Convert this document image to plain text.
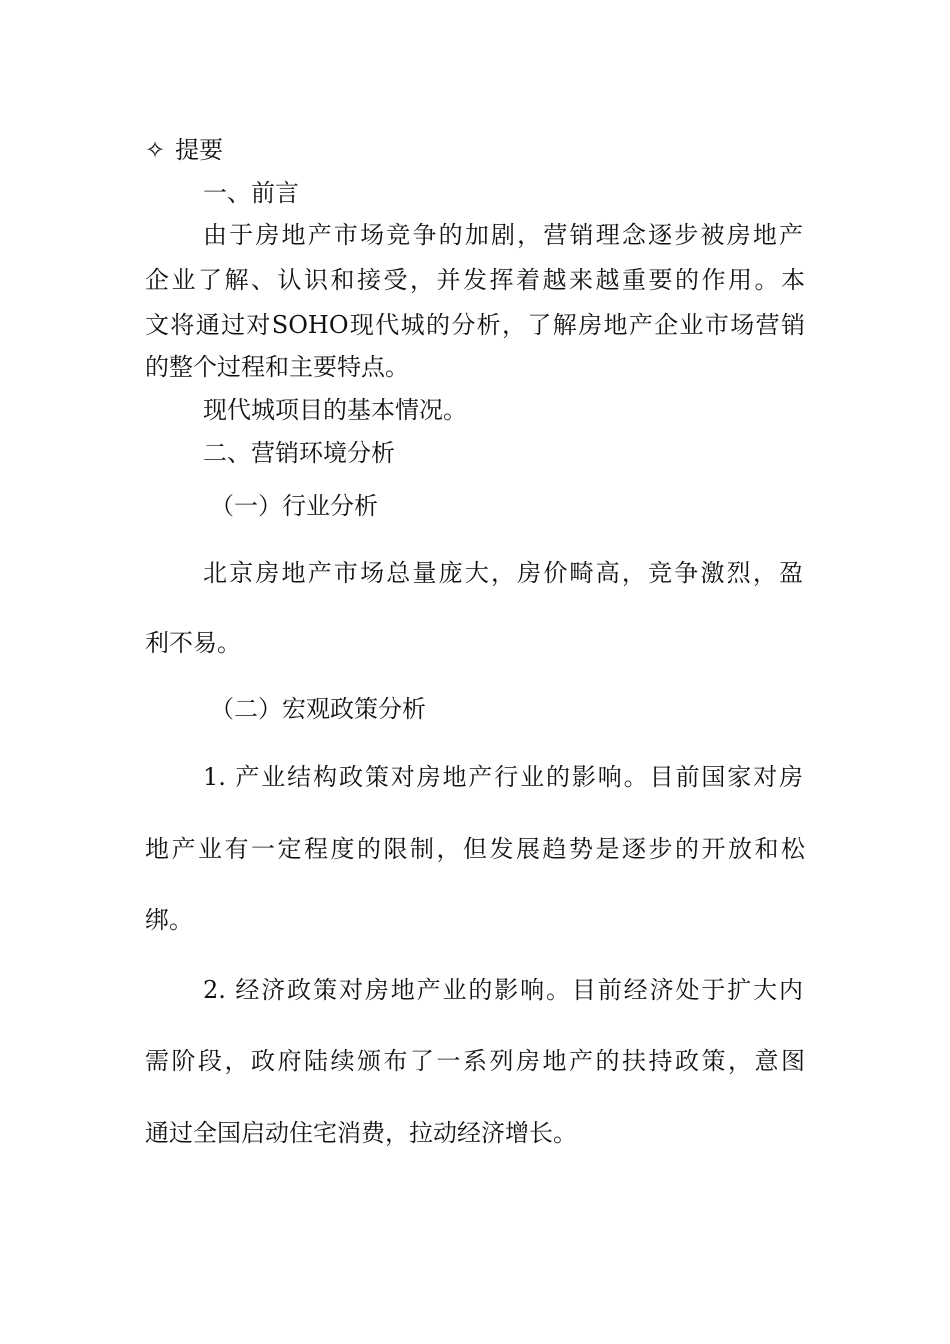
✧ 提要
一、前言
由于房地产市场竞争的加剧，营销理念逐步被房地产
企业了解、认识和接受，并发挥着越来越重要的作用。本
文将通过对SOHO现代城的分析，了解房地产企业市场营销
的整个过程和主要特点。
现代城项目的基本情况。
二、营销环境分析
（一）行业分析
北京房地产市场总量庞大，房价畸高，竞争激烈，盈
利不易。
（二）宏观政策分析
1. 产业结构政策对房地产行业的影响。目前国家对房
地产业有一定程度的限制，但发展趋势是逐步的开放和松
绑。
2. 经济政策对房地产业的影响。目前经济处于扩大内
需阶段，政府陆续颁布了一系列房地产的扶持政策，意图
通过全国启动住宅消费，拉动经济增长。
